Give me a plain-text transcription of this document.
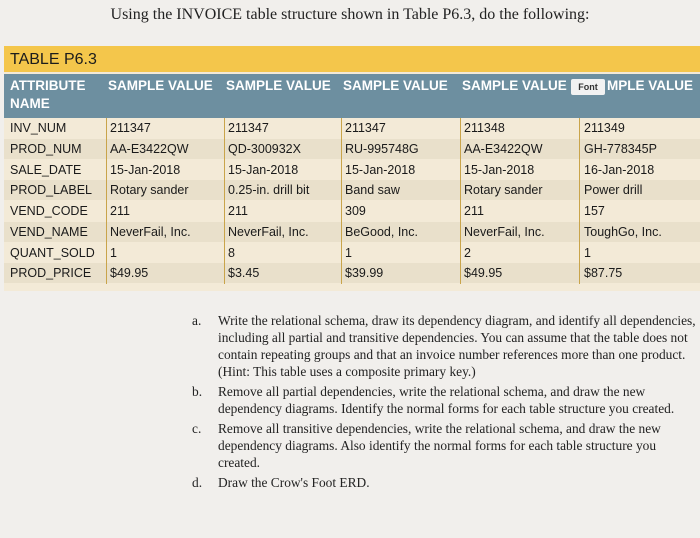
Using the INVOICE table structure shown in Table P6.3, do the following:
TABLE P6.3
ATTRIBUTE NAME
SAMPLE VALUE SAMPLE VALUE SAMPLE VALUE SAMPLE VALUE	Font MPLE VALUE
INV_NUM	211347	211347	211347	211348	211349
PROD_NUM AA-E3422QW	QD-300932X	RU-995748G	AA-E3422QW	GH-778345P
SALE_DATE 15-Jan-2018	15-Jan-2018	15-Jan-2018	15-Jan-2018	16-Jan-2018
PROD_LABEL Rotary sander	0.25-in. drill bit	Band saw	Rotary sander	Power drill
VEND_CODE 211	211	309	211	157
VEND_NAME NeverFail, Inc.	NeverFail, Inc.	BeGood, Inc.	NeverFail, Inc.	ToughGo, Inc.
QUANT_SOLD 1	8	1	2	1
PROD_PRICE $49.95	$3.45	$39.99	$49.95	$87.75
a. Write the relational schema, draw its dependency diagram, and identify all dependencies, including all partial and transitive dependencies. You can assume that the table does not contain repeating groups and that an invoice number references more than one product. (Hint: This table uses a composite primary key.)
b. Remove all partial dependencies, write the relational schema, and draw the new dependency diagrams. Identify the normal forms for each table structure you created.
c. Remove all transitive dependencies, write the relational schema, and draw the new dependency diagrams. Also identify the normal forms for each table structure you created.
d. Draw the Crow's Foot ERD.
